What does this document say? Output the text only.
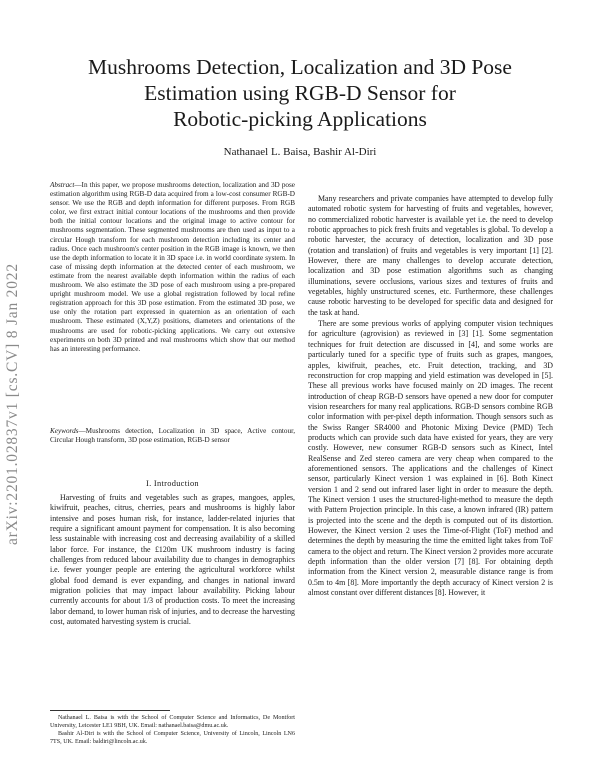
arXiv:2201.02837v1 [cs.CV] 8 Jan 2022
Mushrooms Detection, Localization and 3D Pose
Estimation using RGB-D Sensor for
Robotic-picking Applications
Nathanael L. Baisa, Bashir Al-Diri
Abstract—In this paper, we propose mushrooms detection, localization and 3D pose estimation algorithm using RGB-D data acquired from a low-cost consumer RGB-D sensor. We use the RGB and depth information for different purposes. From RGB color, we first extract initial contour locations of the mushrooms and then provide both the initial contour locations and the original image to active contour for mushrooms segmentation. These segmented mushrooms are then used as input to a circular Hough transform for each mushroom detection including its center and radius. Once each mushroom's center position in the RGB image is known, we then use the depth information to locate it in 3D space i.e. in world coordinate system. In case of missing depth information at the detected center of each mushroom, we estimate from the nearest available depth information within the radius of each mushroom. We also estimate the 3D pose of each mushroom using a pre-prepared upright mushroom model. We use a global registration followed by local refine registration approach for this 3D pose estimation. From the estimated 3D pose, we use only the rotation part expressed in quaternion as an orientation of each mushroom. These estimated (X,Y,Z) positions, diameters and orientations of the mushrooms are used for robotic-picking applications. We carry out extensive experiments on both 3D printed and real mushrooms which show that our method has an interesting performance.
Keywords—Mushrooms detection, Localization in 3D space, Active contour, Circular Hough transform, 3D pose estimation, RGB-D sensor
I. Introduction

Harvesting of fruits and vegetables such as grapes, mangoes, apples, kiwifruit, peaches, citrus, cherries, pears and mushrooms is highly labor intensive and poses human risk, for instance, ladder-related injuries that require a significant amount payment for compensation. It is also becoming less sustainable with increasing cost and decreasing availability of a skilled labor force. For instance, the £120m UK mushroom industry is facing challenges from reduced labour availability due to changes in demographics i.e. fewer younger people are entering the agricultural workforce whilst global food demand is ever expanding, and changes in national inward migration policies that may impact labour availability. Picking labour currently accounts for about 1/3 of production costs. To meet the increasing labor demand, to lower human risk of injuries, and to decrease the harvesting cost, automated harvesting system is crucial.

Nathanael L. Baisa is with the School of Computer Science and Informatics, De Montfort University, Leicester LE1 9BH, UK. Email: nathanael.baisa@dmu.ac.uk.

Bashir Al-Diri is with the School of Computer Science, University of Lincoln, Lincoln LN6 7TS, UK. Email: baldiri@lincoln.ac.uk.

Many researchers and private companies have attempted to develop fully automated robotic system for harvesting of fruits and vegetables, however, no commercialized robotic harvester is available yet i.e. the need to develop robotic approaches to pick fresh fruits and vegetables is global. To develop a robotic harvester, the accuracy of detection, localization and 3D pose (rotation and translation) of fruits and vegetables is very important [1] [2]. However, there are many challenges to develop accurate detection, localization and 3D pose estimation algorithms such as changing illuminations, severe occlusions, various sizes and textures of fruits and vegetables, highly unstructured scenes, etc. Furthermore, these challenges cause robotic harvesting to be developed for specific data and designed for the task at hand.

There are some previous works of applying computer vision techniques for agriculture (agrovision) as reviewed in [3] [1]. Some segmentation techniques for fruit detection are discussed in [4], and some works are particularly tuned for a specific type of fruits such as grapes, mangoes, apples, kiwifruit, peaches, etc. Fruit detection, tracking, and 3D reconstruction for crop mapping and yield estimation was developed in [5]. These all previous works have focused mainly on 2D images. The recent introduction of cheap RGB-D sensors have opened a new door for computer vision researchers for many real applications. RGB-D sensors combine RGB color information with per-pixel depth information. Though sensors such as the Swiss Ranger SR4000 and Photonic Mixing Device (PMD) Tech products which can provide such data have existed for years, they are very costly. However, new consumer RGB-D sensors such as Kinect, Intel RealSense and Zed stereo camera are very cheap when compared to the aforementioned sensors. The applications and the challenges of Kinect sensor, particularly Kinect version 1 was explained in [6]. Both Kinect version 1 and 2 send out infrared laser light in order to measure the depth. The Kinect version 1 uses the structured-light-method to measure the depth with Pattern Projection principle. In this case, a known infrared (IR) pattern is projected into the scene and the depth is computed out of its distortion. However, the Kinect version 2 uses the Time-of-Flight (ToF) method and determines the depth by measuring the time the emitted light takes from ToF camera to the object and return. The Kinect version 2 provides more accurate depth information than the older version [7] [8]. For obtaining depth information from the Kinect version 2, measurable distance range is from 0.5m to 4m [8]. More importantly the depth accuracy of Kinect version 2 is almost constant over different distances [8]. However, it
